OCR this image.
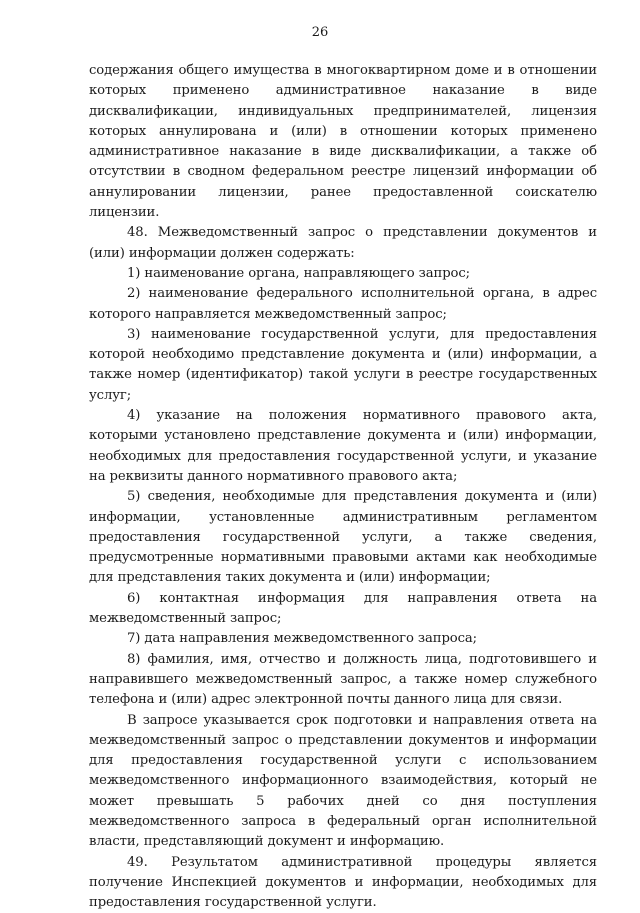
26

содержания общего имущества в многоквартирном доме и в отношении которых применено административное наказание в виде дисквалификации, индивидуальных предпринимателей, лицензия которых аннулирована и (или) в отношении которых применено административное наказание в виде дисквалификации, а также об отсутствии в сводном федеральном реестре лицензий информации об аннулировании лицензии, ранее предоставленной соискателю лицензии.

48. Межведомственный запрос о представлении документов и (или) информации должен содержать:

1) наименование органа, направляющего запрос;

2) наименование федерального исполнительной органа, в адрес которого направляется межведомственный запрос;

3) наименование государственной услуги, для предоставления которой необходимо представление документа и (или) информации, а также номер (идентификатор) такой услуги в реестре государственных услуг;

4) указание на положения нормативного правового акта, которыми установлено представление документа и (или) информации, необходимых для предоставления государственной услуги, и указание на реквизиты данного нормативного правового акта;

5) сведения, необходимые для представления документа и (или) информации, установленные административным регламентом предоставления государственной услуги, а также сведения, предусмотренные нормативными правовыми актами как необходимые для представления таких документа и (или) информации;

6) контактная информация для направления ответа на межведомственный запрос;

7) дата направления межведомственного запроса;

8) фамилия, имя, отчество и должность лица, подготовившего и направившего межведомственный запрос, а также номер служебного телефона и (или) адрес электронной почты данного лица для связи.

В запросе указывается срок подготовки и направления ответа на межведомственный запрос о представлении документов и информации для предоставления государственной услуги с использованием межведомственного информационного взаимодействия, который не может превышать 5 рабочих дней со дня поступления межведомственного запроса в федеральный орган исполнительной власти, представляющий документ и информацию.

49. Результатом административной процедуры является получение Инспекцией документов и информации, необходимых для предоставления государственной услуги.
